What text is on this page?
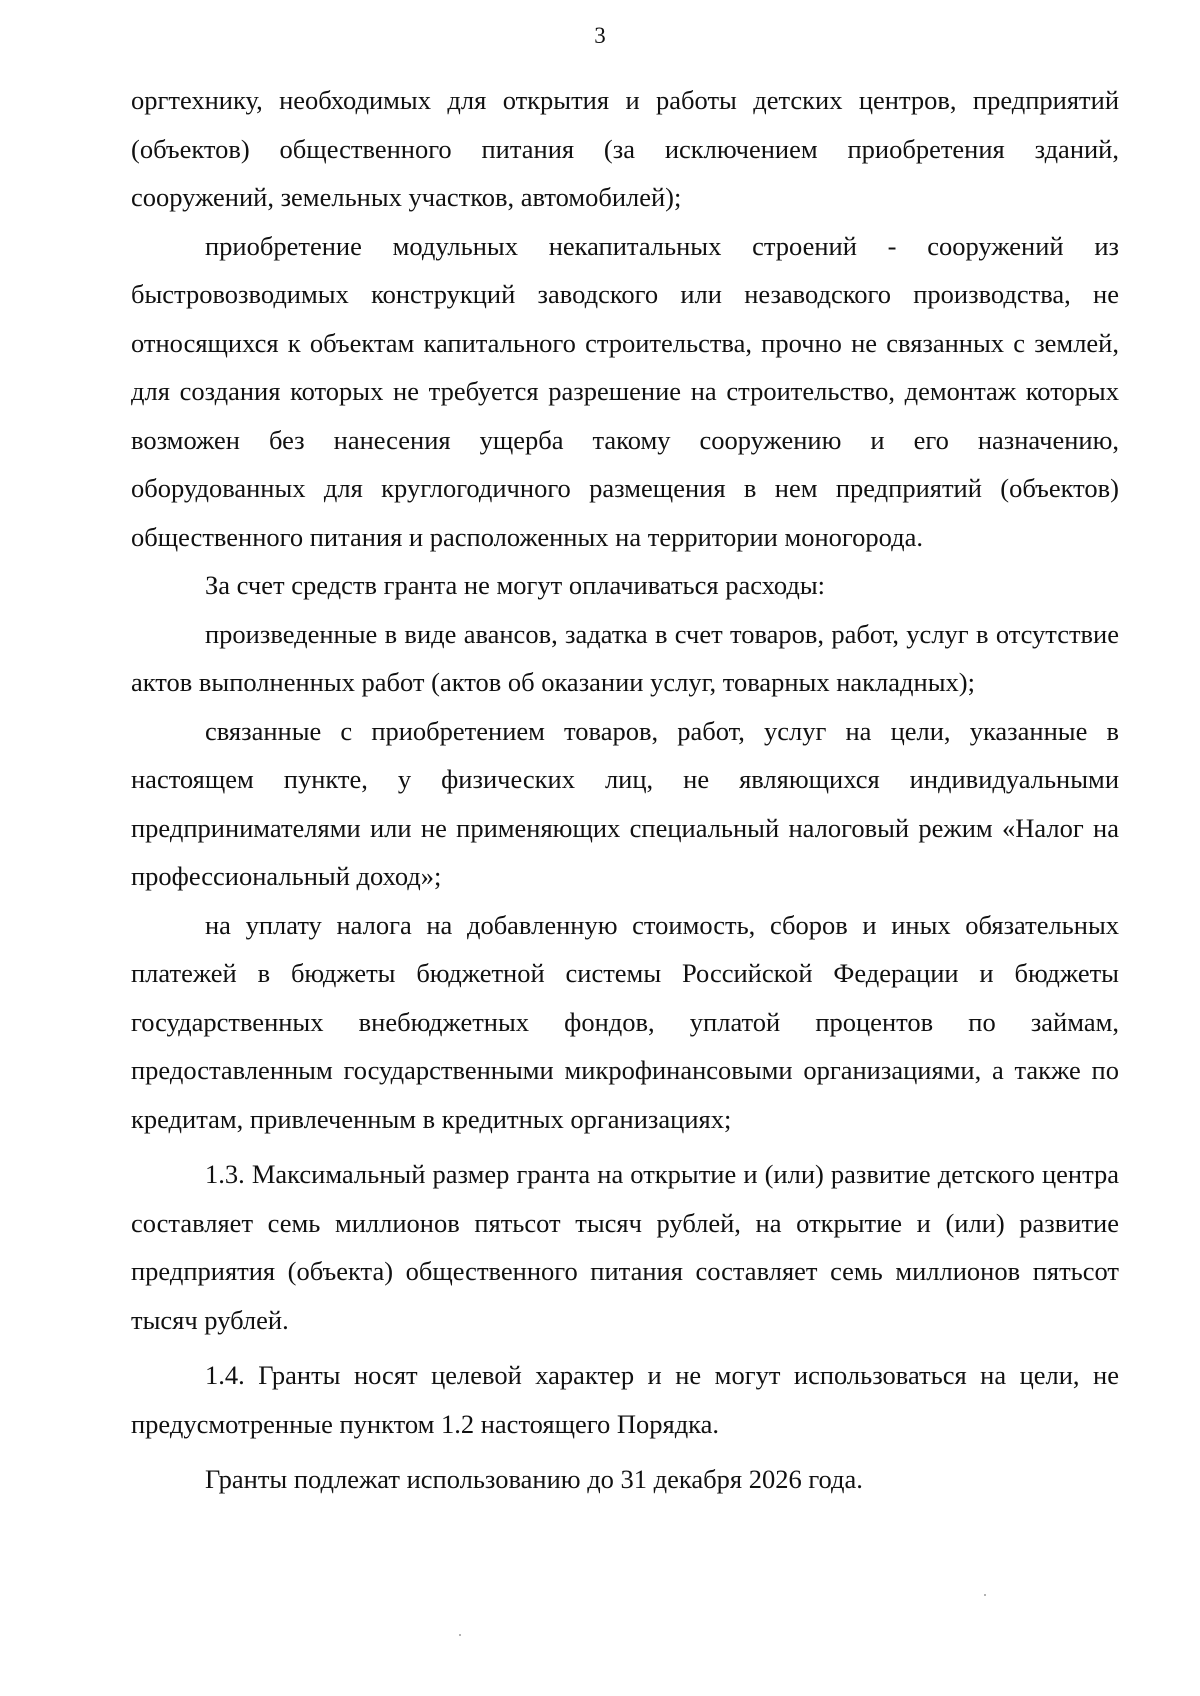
3

оргтехнику, необходимых для открытия и работы детских центров, предприятий (объектов) общественного питания (за исключением приобретения зданий, сооружений, земельных участков, автомобилей);

приобретение модульных некапитальных строений - сооружений из быстровозводимых конструкций заводского или незаводского производства, не относящихся к объектам капитального строительства, прочно не связанных с землей, для создания которых не требуется разрешение на строительство, демонтаж которых возможен без нанесения ущерба такому сооружению и его назначению, оборудованных для круглогодичного размещения в нем предприятий (объектов) общественного питания и расположенных на территории моногорода.

За счет средств гранта не могут оплачиваться расходы:

произведенные в виде авансов, задатка в счет товаров, работ, услуг в отсутствие актов выполненных работ (актов об оказании услуг, товарных накладных);

связанные с приобретением товаров, работ, услуг на цели, указанные в настоящем пункте, у физических лиц, не являющихся индивидуальными предпринимателями или не применяющих специальный налоговый режим «Налог на профессиональный доход»;

на уплату налога на добавленную стоимость, сборов и иных обязательных платежей в бюджеты бюджетной системы Российской Федерации и бюджеты государственных внебюджетных фондов, уплатой процентов по займам, предоставленным государственными микрофинансовыми организациями, а также по кредитам, привлеченным в кредитных организациях;

1.3. Максимальный размер гранта на открытие и (или) развитие детского центра составляет семь миллионов пятьсот тысяч рублей, на открытие и (или) развитие предприятия (объекта) общественного питания составляет семь миллионов пятьсот тысяч рублей.

1.4. Гранты носят целевой характер и не могут использоваться на цели, не предусмотренные пунктом 1.2 настоящего Порядка.

Гранты подлежат использованию до 31 декабря 2026 года.
